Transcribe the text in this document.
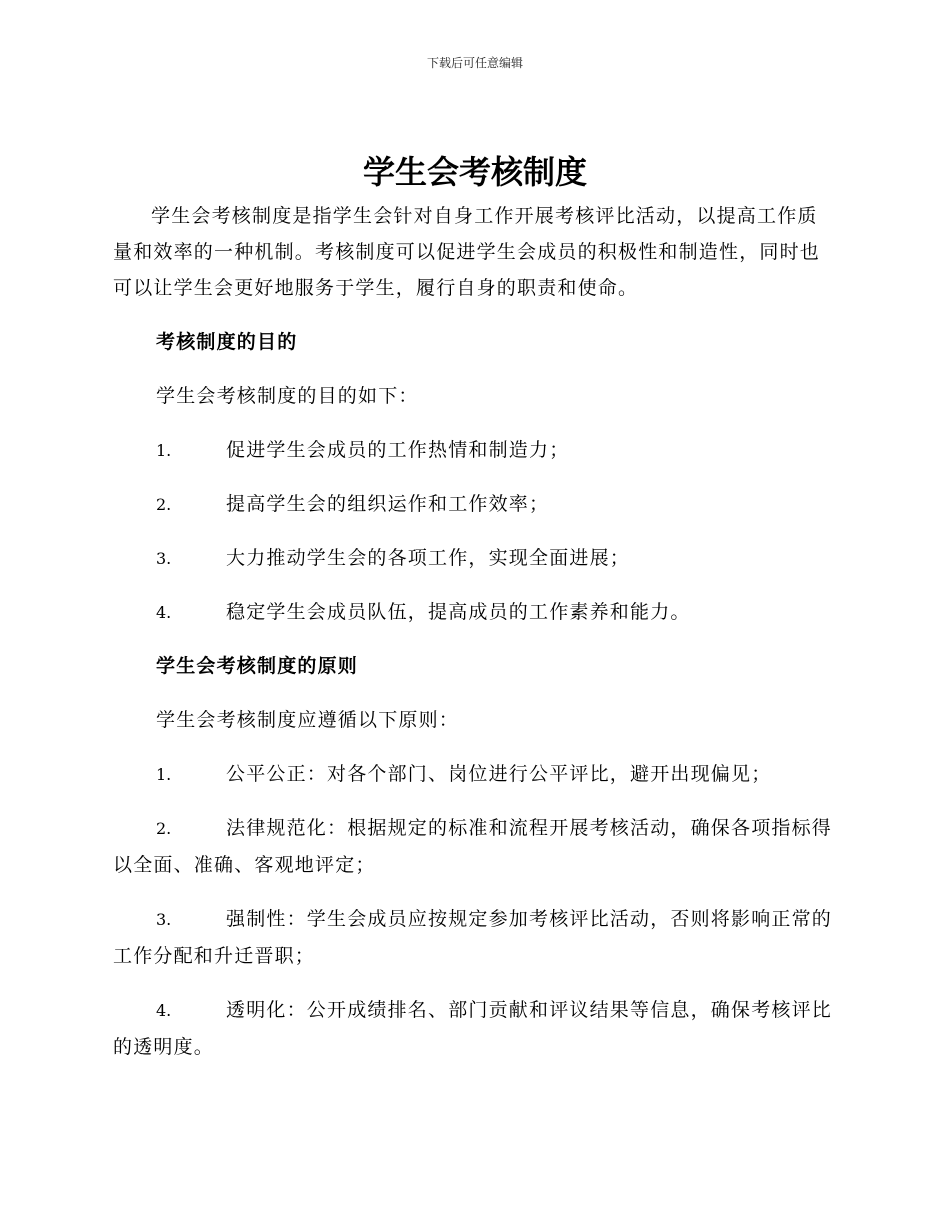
下载后可任意编辑
学生会考核制度

学生会考核制度是指学生会针对自身工作开展考核评比活动，以提高工作质量和效率的一种机制。考核制度可以促进学生会成员的积极性和制造性，同时也可以让学生会更好地服务于学生，履行自身的职责和使命。

考核制度的目的
学生会考核制度的目的如下：
1.	促进学生会成员的工作热情和制造力；
2.	提高学生会的组织运作和工作效率；
3.	大力推动学生会的各项工作，实现全面进展；
4.	稳定学生会成员队伍，提高成员的工作素养和能力。
学生会考核制度的原则
学生会考核制度应遵循以下原则：
1.	公平公正：对各个部门、岗位进行公平评比，避开出现偏见；
2.	法律规范化：根据规定的标准和流程开展考核活动，确保各项指标得以全面、准确、客观地评定；
3.	强制性：学生会成员应按规定参加考核评比活动，否则将影响正常的工作分配和升迁晋职；
4.	透明化：公开成绩排名、部门贡献和评议结果等信息，确保考核评比的透明度。
